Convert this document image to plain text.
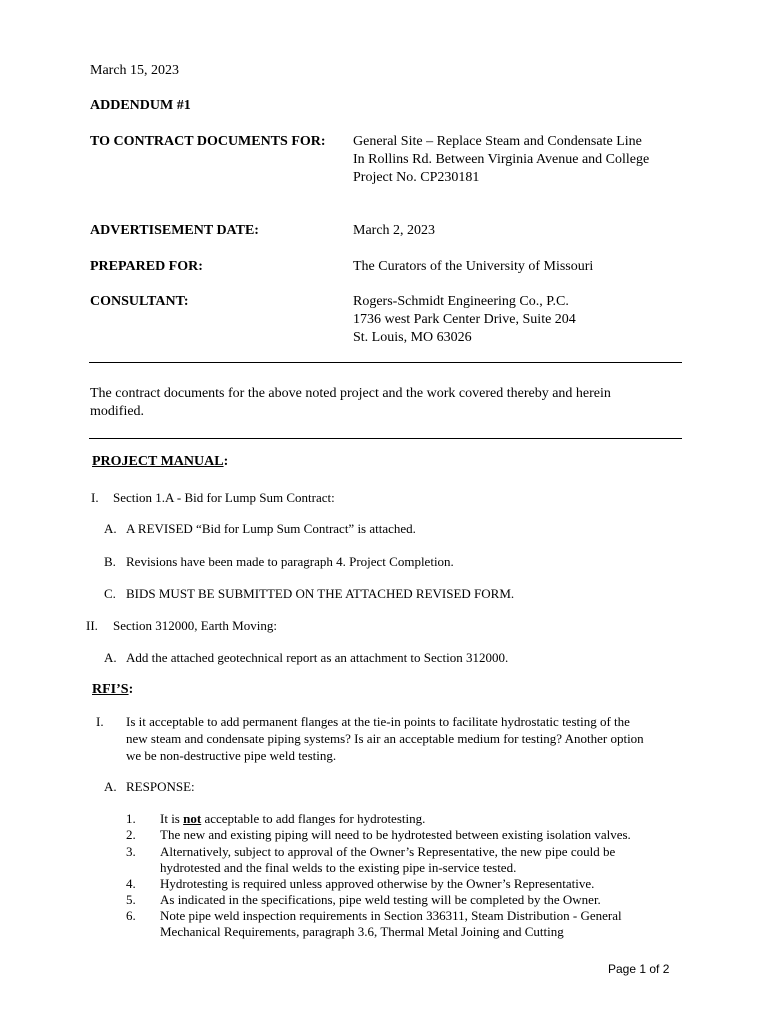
March 15, 2023
ADDENDUM #1
TO CONTRACT DOCUMENTS FOR: General Site – Replace Steam and Condensate Line
In Rollins Rd. Between Virginia Avenue and College
Project No. CP230181
ADVERTISEMENT DATE:	March 2, 2023
PREPARED FOR:	The Curators of the University of Missouri
CONSULTANT:	Rogers-Schmidt Engineering Co., P.C.
1736 west Park Center Drive, Suite 204
St. Louis, MO 63026
The contract documents for the above noted project and the work covered thereby and herein
modified.
PROJECT MANUAL:
I. Section 1.A - Bid for Lump Sum Contract:
A. A REVISED “Bid for Lump Sum Contract” is attached.
B. Revisions have been made to paragraph 4. Project Completion.
C. BIDS MUST BE SUBMITTED ON THE ATTACHED REVISED FORM.
II. Section 312000, Earth Moving:
A. Add the attached geotechnical report as an attachment to Section 312000.
RFI’S:
I. Is it acceptable to add permanent flanges at the tie-in points to facilitate hydrostatic testing of the
new steam and condensate piping systems? Is air an acceptable medium for testing? Another option
we be non-destructive pipe weld testing.
A. RESPONSE:
1. It is not acceptable to add flanges for hydrotesting.
2. The new and existing piping will need to be hydrotested between existing isolation valves.
3. Alternatively, subject to approval of the Owner’s Representative, the new pipe could be
hydrotested and the final welds to the existing pipe in-service tested.
4. Hydrotesting is required unless approved otherwise by the Owner’s Representative.
5. As indicated in the specifications, pipe weld testing will be completed by the Owner.
6. Note pipe weld inspection requirements in Section 336311, Steam Distribution - General
Mechanical Requirements, paragraph 3.6, Thermal Metal Joining and Cutting
Page 1 of 2
